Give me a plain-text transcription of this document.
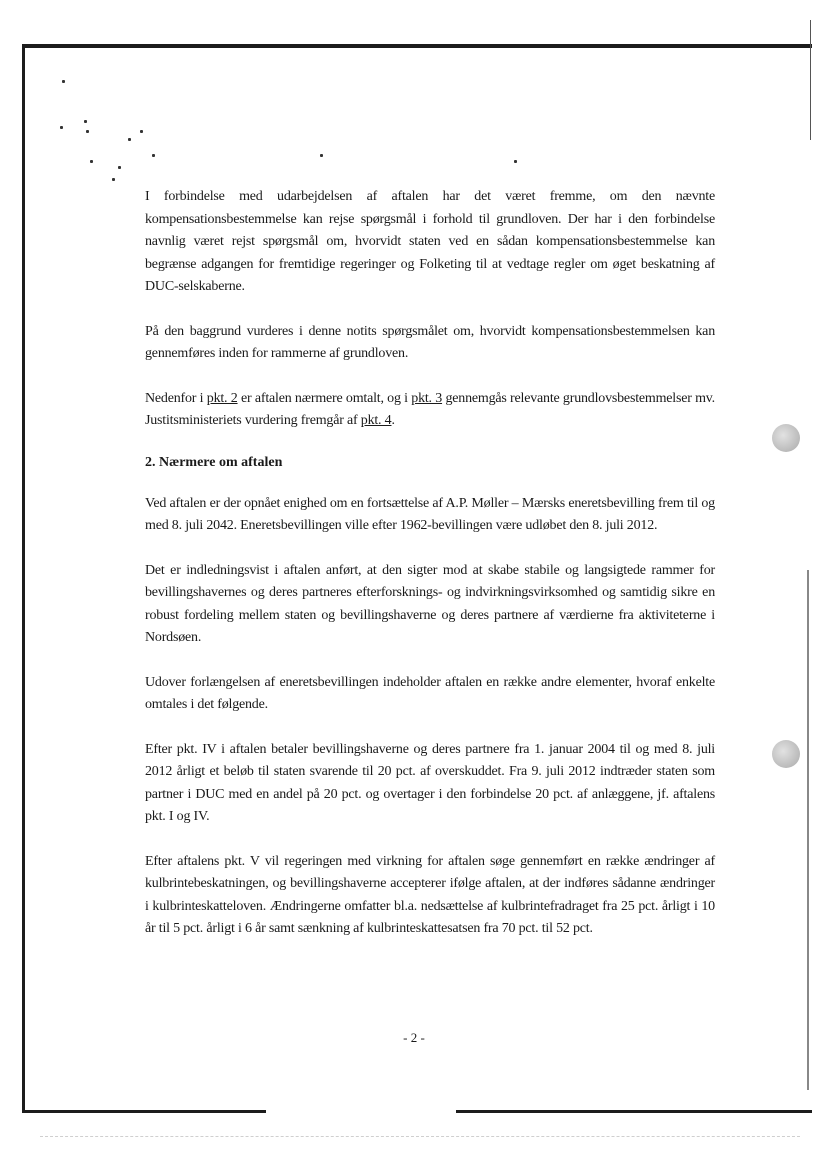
I forbindelse med udarbejdelsen af aftalen har det været fremme, om den nævnte kompensationsbestemmelse kan rejse spørgsmål i forhold til grundloven. Der har i den forbindelse navnlig været rejst spørgsmål om, hvorvidt staten ved en sådan kompensationsbestemmelse kan begrænse adgangen for fremtidige regeringer og Folketing til at vedtage regler om øget beskatning af DUC-selskaberne.

På den baggrund vurderes i denne notits spørgsmålet om, hvorvidt kompensationsbestemmelsen kan gennemføres inden for rammerne af grundloven.

Nedenfor i pkt. 2 er aftalen nærmere omtalt, og i pkt. 3 gennemgås relevante grundlovsbestemmelser mv. Justitsministeriets vurdering fremgår af pkt. 4.

2. Nærmere om aftalen

Ved aftalen er der opnået enighed om en fortsættelse af A.P. Møller – Mærsks eneretsbevilling frem til og med 8. juli 2042. Eneretsbevillingen ville efter 1962-bevillingen være udløbet den 8. juli 2012.

Det er indledningsvist i aftalen anført, at den sigter mod at skabe stabile og langsigtede rammer for bevillingshavernes og deres partneres efterforsknings- og indvirkningsvirksomhed og samtidig sikre en robust fordeling mellem staten og bevillingshaverne og deres partnere af værdierne fra aktiviteterne i Nordsøen.

Udover forlængelsen af eneretsbevillingen indeholder aftalen en række andre elementer, hvoraf enkelte omtales i det følgende.

Efter pkt. IV i aftalen betaler bevillingshaverne og deres partnere fra 1. januar 2004 til og med 8. juli 2012 årligt et beløb til staten svarende til 20 pct. af overskuddet. Fra 9. juli 2012 indtræder staten som partner i DUC med en andel på 20 pct. og overtager i den forbindelse 20 pct. af anlæggene, jf. aftalens pkt. I og IV.

Efter aftalens pkt. V vil regeringen med virkning for aftalen søge gennemført en række ændringer af kulbrintebeskatningen, og bevillingshaverne accepterer ifølge aftalen, at der indføres sådanne ændringer i kulbrinteskatteloven. Ændringerne omfatter bl.a. nedsættelse af kulbrintefradraget fra 25 pct. årligt i 10 år til 5 pct. årligt i 6 år samt sænkning af kulbrinteskattesatsen fra 70 pct. til 52 pct.

- 2 -
